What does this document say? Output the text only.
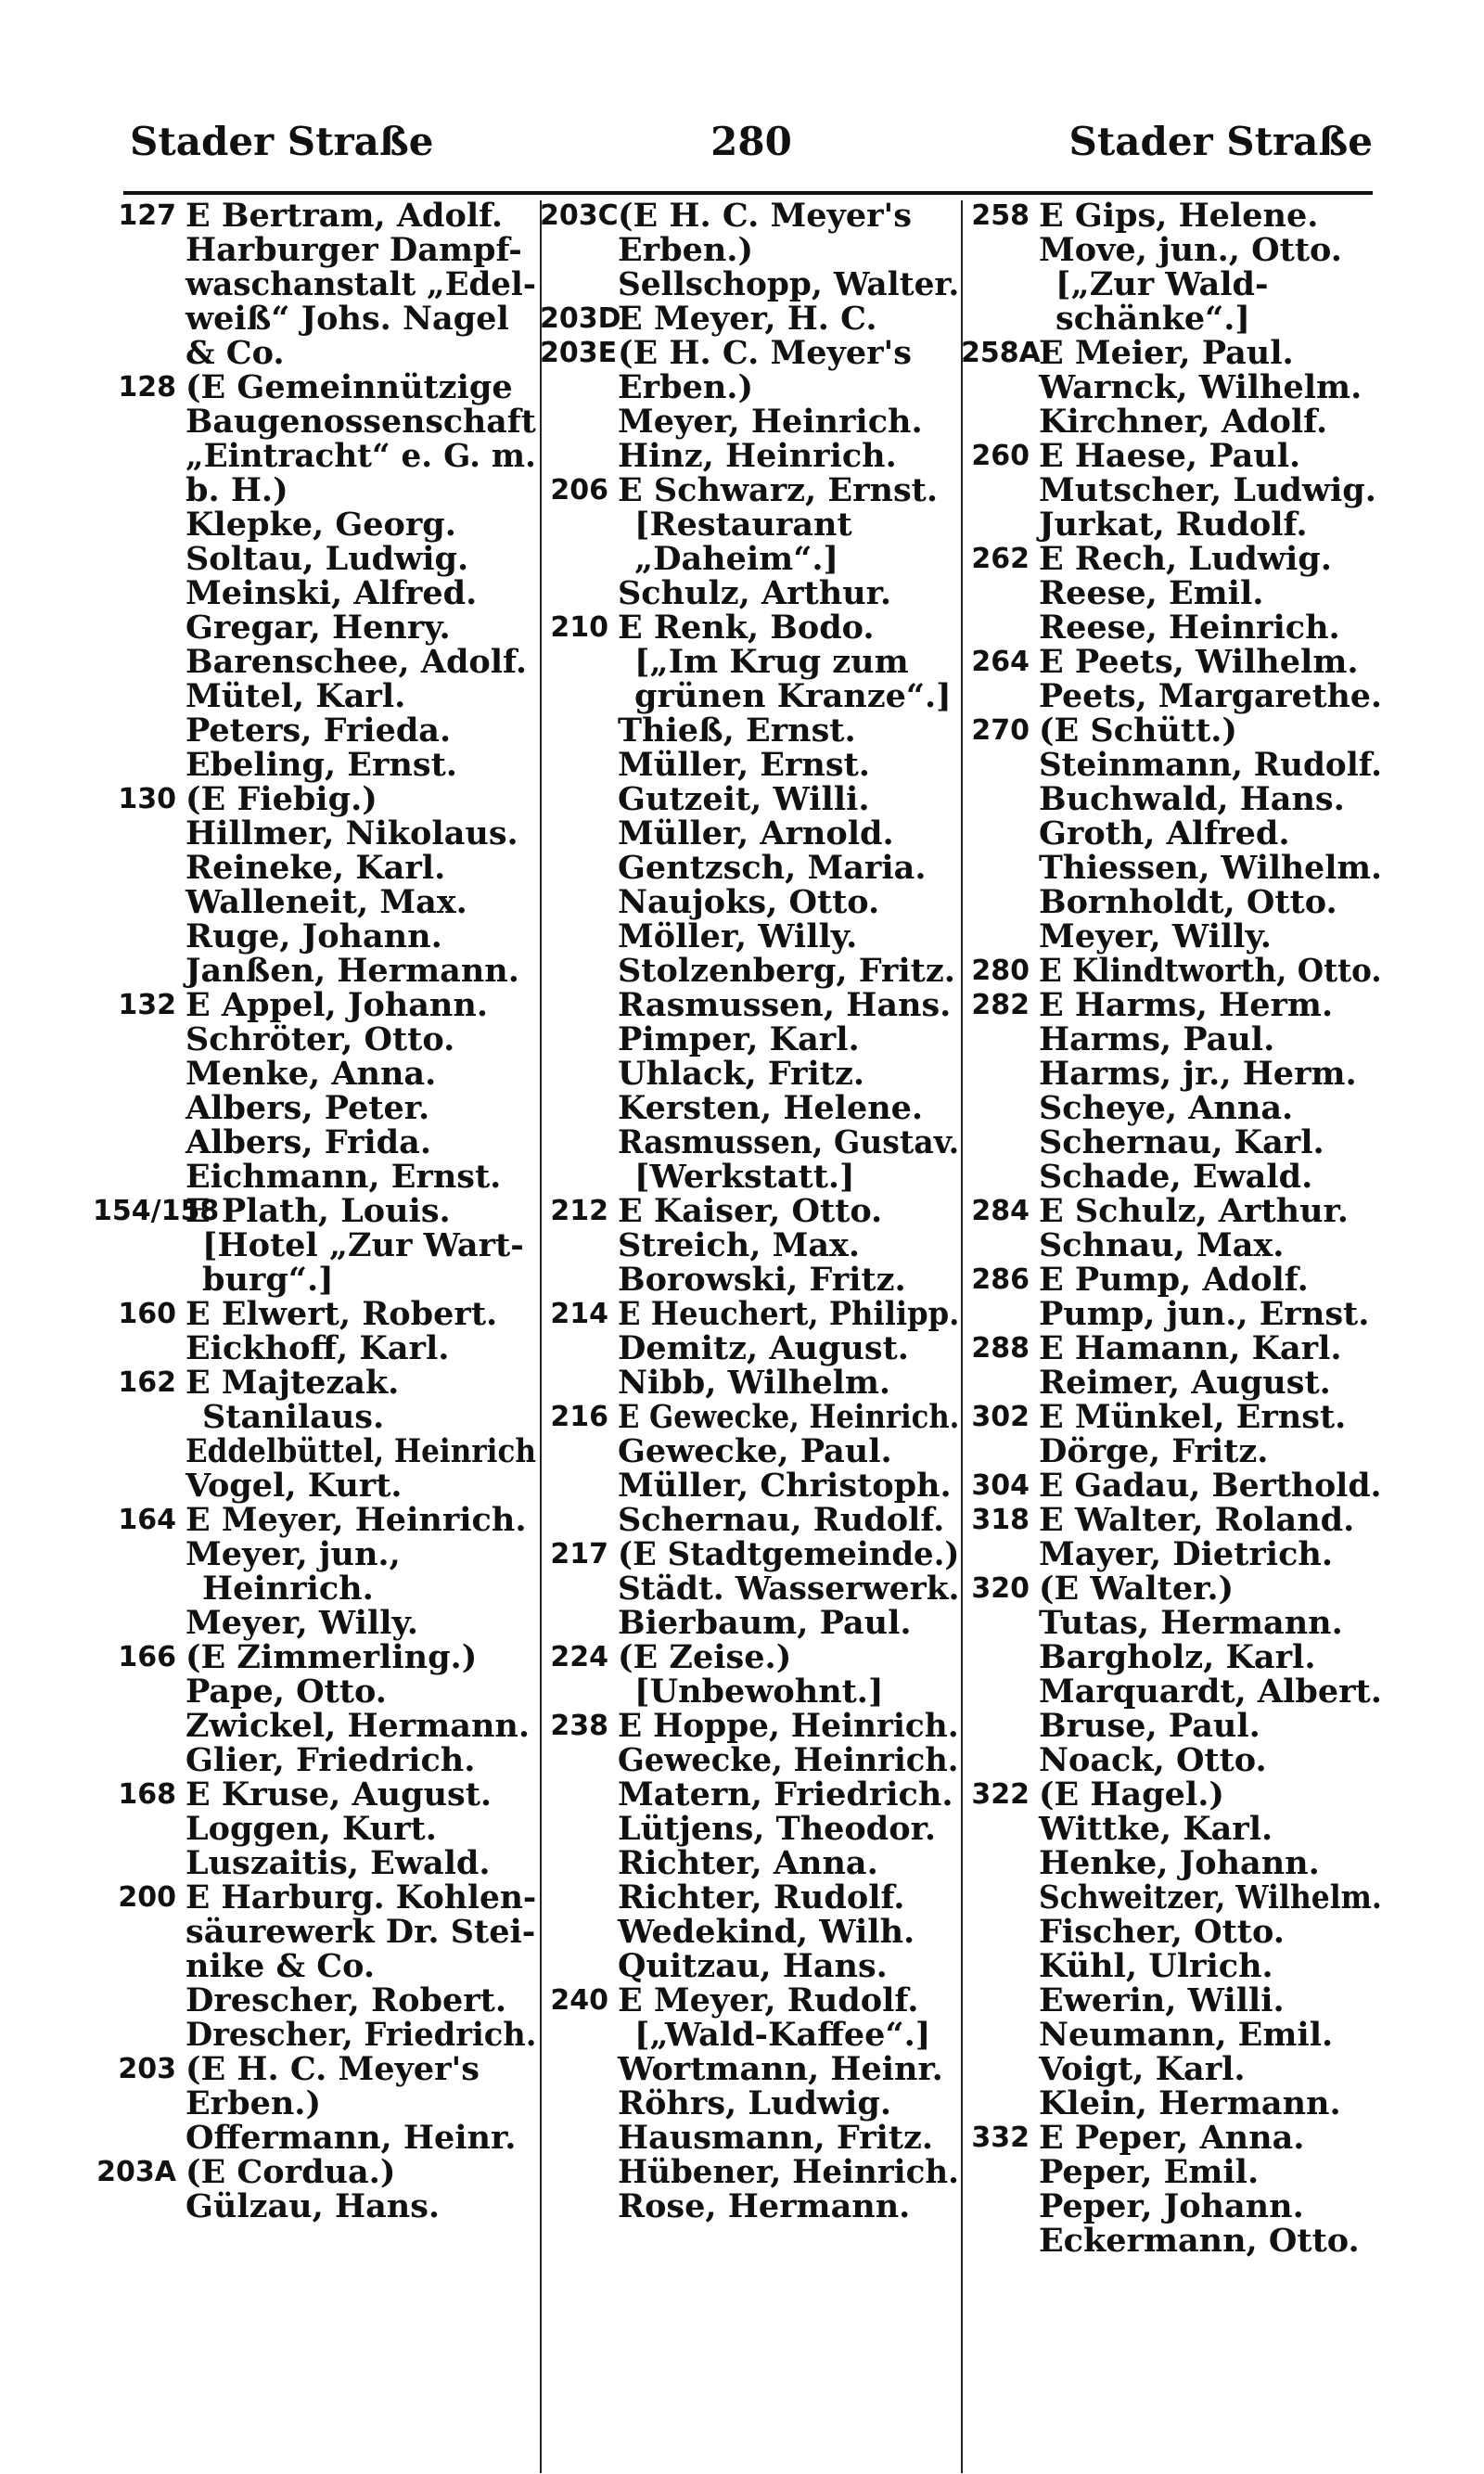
Stader Straße	280	Stader Straße
127 E Bertram, Adolf.
Harburger Dampf-
waschanstalt „Edel-
weiß“ Johs. Nagel
& Co.
128 (E Gemeinnützige
Baugenossenschaft
„Eintracht“ e. G. m.
b. H.)
Klepke, Georg.
Soltau, Ludwig.
Meinski, Alfred.
Gregar, Henry.
Barenschee, Adolf.
Mütel, Karl.
Peters, Frieda.
Ebeling, Ernst.
130 (E Fiebig.)
Hillmer, Nikolaus.
Reineke, Karl.
Walleneit, Max.
Ruge, Johann.
Janßen, Hermann.
132 E Appel, Johann.
Schröter, Otto.
Menke, Anna.
Albers, Peter.
Albers, Frida.
Eichmann, Ernst.
154/158E Plath, Louis.
[Hotel „Zur Wart-
burg“.]
160 E Elwert, Robert.
Eickhoff, Karl.
162 E Majtezak.
Stanilaus.
Eddelbüttel, Heinrich
Vogel, Kurt.
164 E Meyer, Heinrich.
Meyer, jun.,
Heinrich.
Meyer, Willy.
166 (E Zimmerling.)
Pape, Otto.
Zwickel, Hermann.
Glier, Friedrich.
168 E Kruse, August.
Loggen, Kurt.
Luszaitis, Ewald.
200 E Harburg. Kohlen-
säurewerk Dr. Stei-
nike & Co.
Drescher, Robert.
Drescher, Friedrich.
203 (E H. C. Meyer's
Erben.)
Offermann, Heinr.
203A (E Cordua.)
Gülzau, Hans.
203C(E H. C. Meyer's
Erben.)
Sellschopp, Walter.
203DE Meyer, H. C.
203E(E H. C. Meyer's
Erben.)
Meyer, Heinrich.
Hinz, Heinrich.
206 E Schwarz, Ernst.
[Restaurant
„Daheim“.]
Schulz, Arthur.
210 E Renk, Bodo.
[„Im Krug zum
grünen Kranze“.]
Thieß, Ernst.
Müller, Ernst.
Gutzeit, Willi.
Müller, Arnold.
Gentzsch, Maria.
Naujoks, Otto.
Möller, Willy.
Stolzenberg, Fritz.
Rasmussen, Hans.
Pimper, Karl.
Uhlack, Fritz.
Kersten, Helene.
Rasmussen, Gustav.
[Werkstatt.]
212 E Kaiser, Otto.
Streich, Max.
Borowski, Fritz.
214 E Heuchert, Philipp.
Demitz, August.
Nibb, Wilhelm.
216 E Gewecke, Heinrich.
Gewecke, Paul.
Müller, Christoph.
Schernau, Rudolf.
217 (E Stadtgemeinde.)
Städt. Wasserwerk.
Bierbaum, Paul.
224 (E Zeise.)
[Unbewohnt.]
238 E Hoppe, Heinrich.
Gewecke, Heinrich.
Matern, Friedrich.
Lütjens, Theodor.
Richter, Anna.
Richter, Rudolf.
Wedekind, Wilh.
Quitzau, Hans.
240 E Meyer, Rudolf.
[„Wald-Kaffee“.]
Wortmann, Heinr.
Röhrs, Ludwig.
Hausmann, Fritz.
Hübener, Heinrich.
Rose, Hermann.
258 E Gips, Helene.
Move, jun., Otto.
[„Zur Wald-
schänke“.]
258AE Meier, Paul.
Warnck, Wilhelm.
Kirchner, Adolf.
260 E Haese, Paul.
Mutscher, Ludwig.
Jurkat, Rudolf.
262 E Rech, Ludwig.
Reese, Emil.
Reese, Heinrich.
264 E Peets, Wilhelm.
Peets, Margarethe.
270 (E Schütt.)
Steinmann, Rudolf.
Buchwald, Hans.
Groth, Alfred.
Thiessen, Wilhelm.
Bornholdt, Otto.
Meyer, Willy.
280 E Klindtworth, Otto.
282 E Harms, Herm.
Harms, Paul.
Harms, jr., Herm.
Scheye, Anna.
Schernau, Karl.
Schade, Ewald.
284 E Schulz, Arthur.
Schnau, Max.
286 E Pump, Adolf.
Pump, jun., Ernst.
288 E Hamann, Karl.
Reimer, August.
302 E Münkel, Ernst.
Dörge, Fritz.
304 E Gadau, Berthold.
318 E Walter, Roland.
Mayer, Dietrich.
320 (E Walter.)
Tutas, Hermann.
Bargholz, Karl.
Marquardt, Albert.
Bruse, Paul.
Noack, Otto.
322 (E Hagel.)
Wittke, Karl.
Henke, Johann.
Schweitzer, Wilhelm.
Fischer, Otto.
Kühl, Ulrich.
Ewerin, Willi.
Neumann, Emil.
Voigt, Karl.
Klein, Hermann.
332 E Peper, Anna.
Peper, Emil.
Peper, Johann.
Eckermann, Otto.
